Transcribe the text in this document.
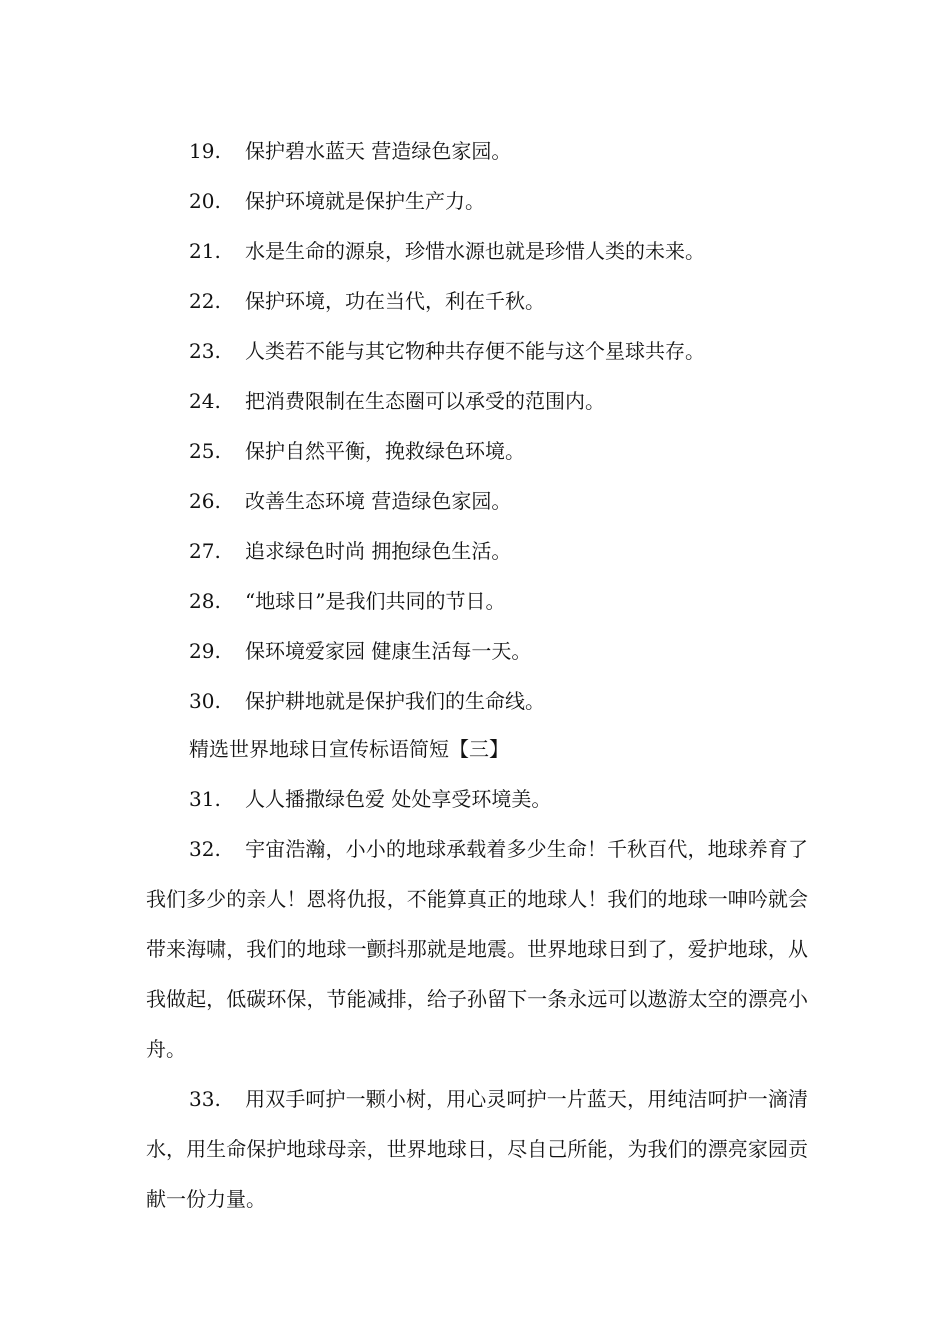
19. 保护碧水蓝天 营造绿色家园。
20. 保护环境就是保护生产力。
21. 水是生命的源泉，珍惜水源也就是珍惜人类的未来。
22. 保护环境，功在当代，利在千秋。
23. 人类若不能与其它物种共存便不能与这个星球共存。
24. 把消费限制在生态圈可以承受的范围内。
25. 保护自然平衡，挽救绿色环境。
26. 改善生态环境 营造绿色家园。
27. 追求绿色时尚 拥抱绿色生活。
28. “地球日”是我们共同的节日。
29. 保环境爱家园 健康生活每一天。
30. 保护耕地就是保护我们的生命线。
精选世界地球日宣传标语简短【三】
31. 人人播撒绿色爱 处处享受环境美。
32. 宇宙浩瀚，小小的地球承载着多少生命！千秋百代，地球养育了我们多少的亲人！恩将仇报，不能算真正的地球人！我们的地球一呻吟就会带来海啸，我们的地球一颤抖那就是地震。世界地球日到了，爱护地球，从我做起，低碳环保，节能减排，给子孙留下一条永远可以遨游太空的漂亮小舟。
33. 用双手呵护一颗小树，用心灵呵护一片蓝天，用纯洁呵护一滴清水，用生命保护地球母亲，世界地球日，尽自己所能，为我们的漂亮家园贡献一份力量。
